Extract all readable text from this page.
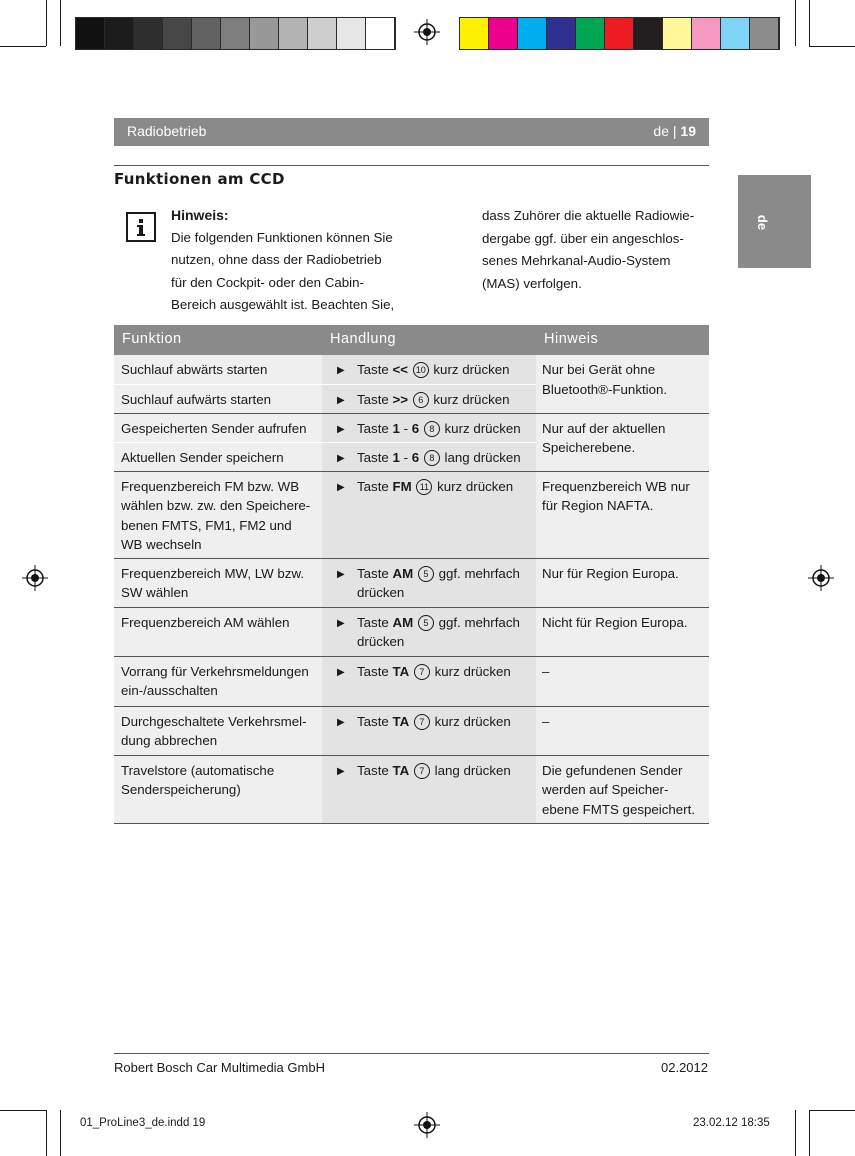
Radiobetrieb	de | 19
de
Funktionen am CCD
Hinweis:
Die folgenden Funktionen können Sie
nutzen, ohne dass der Radiobetrieb
für den Cockpit- oder den Cabin-
Bereich ausgewählt ist. Beachten Sie,
dass Zuhörer die aktuelle Radiowie-
dergabe ggf. über ein angeschlos-
senes Mehrkanal-Audio-System
(MAS) verfolgen.
Funktion	Handlung	Hinweis
Suchlauf abwärts starten	▶ Taste << 10 kurz drücken	Nur bei Gerät ohne Bluetooth®-Funktion.
Suchlauf aufwärts starten	▶ Taste >> 6 kurz drücken	

Gespeicherten Sender aufrufen	▶ Taste 1 - 6 8 kurz drücken	Nur auf der aktuellen Speicherebene.
Aktuellen Sender speichern	▶ Taste 1 - 6 8 lang drücken	

Frequenzbereich FM bzw. WB wählen bzw. zw. den Speichere-benen FMTS, FM1, FM2 und WB wechseln	▶ Taste FM 11 kurz drücken	Frequenzbereich WB nur für Region NAFTA.
Frequenzbereich MW, LW bzw. SW wählen	▶ Taste AM 5 ggf. mehrfach drücken	Nur für Region Europa.
Frequenzbereich AM wählen	▶ Taste AM 5 ggf. mehrfach drücken	Nicht für Region Europa.
Vorrang für Verkehrsmeldungen ein-/ausschalten	▶ Taste TA 7 kurz drücken	–
Durchgeschaltete Verkehrsmel-dung abbrechen	▶ Taste TA 7 kurz drücken	–
Travelstore (automatische Senderspeicherung)	▶ Taste TA 7 lang drücken	Die gefundenen Sender werden auf Speicher-ebene FMTS gespeichert.
Robert Bosch Car Multimedia GmbH	02.2012
01_ProLine3_de.indd 19	23.02.12 18:35
